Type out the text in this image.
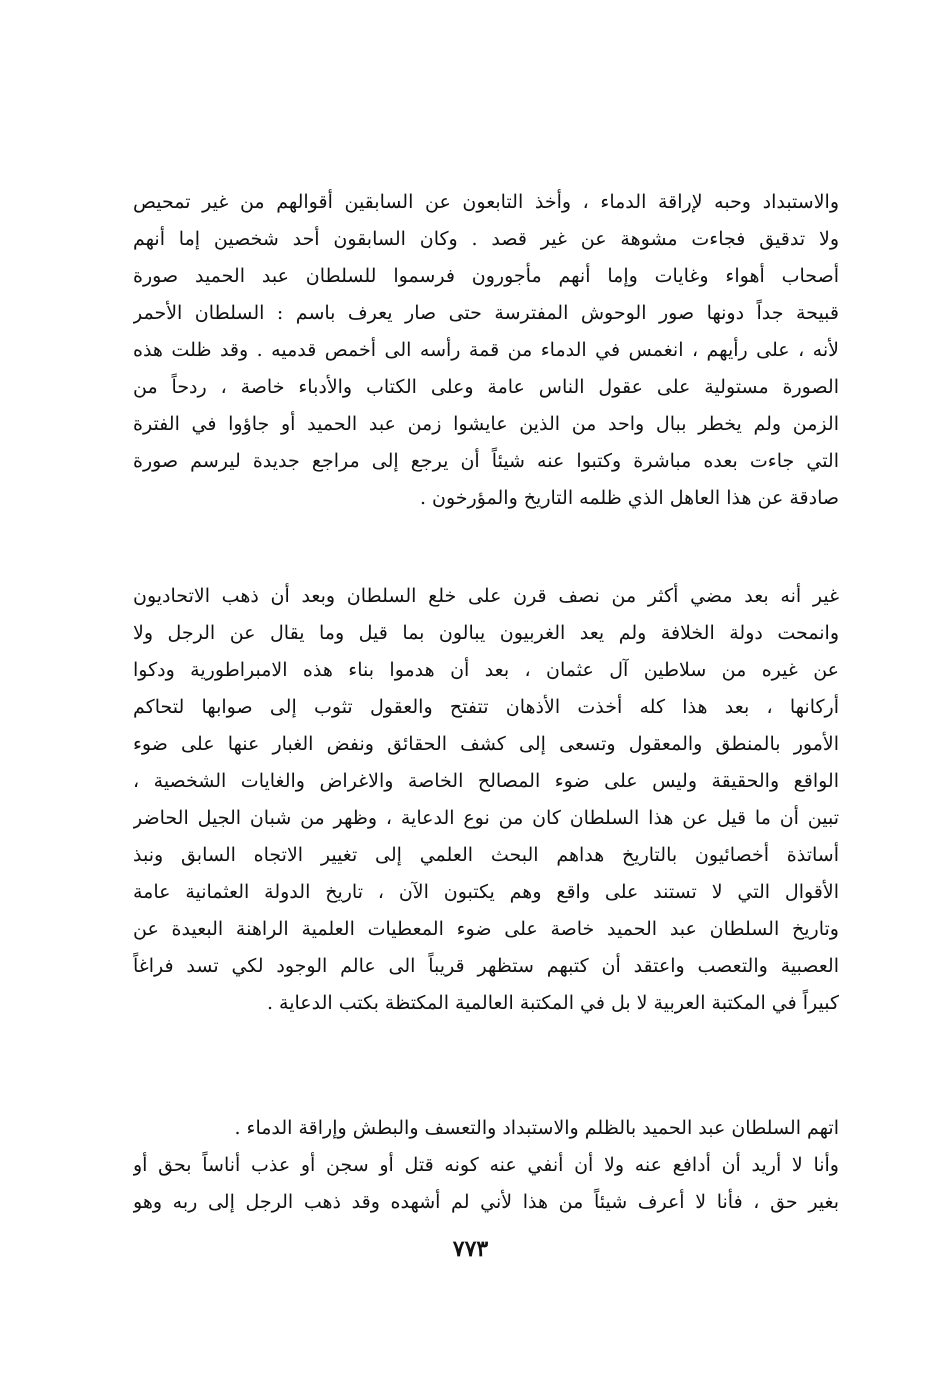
والاستبداد وحبه لإراقة الدماء ، وأخذ التابعون عن السابقين أقوالهم من غير تمحيص
ولا تدقيق فجاءت مشوهة عن غير قصد . وكان السابقون أحد شخصين إما أنهم
أصحاب أهواء وغايات وإما أنهم مأجورون فرسموا للسلطان عبد الحميد صورة
قبيحة جداً دونها صور الوحوش المفترسة حتى صار يعرف باسم : السلطان الأحمر
لأنه ، على رأيهم ، انغمس في الدماء من قمة رأسه الى أخمص قدميه . وقد ظلت هذه
الصورة مستولية على عقول الناس عامة وعلى الكتاب والأدباء خاصة ، ردحاً من
الزمن ولم يخطر ببال واحد من الذين عايشوا زمن عبد الحميد أو جاؤوا في الفترة
التي جاءت بعده مباشرة وكتبوا عنه شيئاً أن يرجع إلى مراجع جديدة ليرسم صورة
صادقة عن هذا العاهل الذي ظلمه التاريخ والمؤرخون .
غير أنه بعد مضي أكثر من نصف قرن على خلع السلطان وبعد أن ذهب الاتحاديون
وانمحت دولة الخلافة ولم يعد الغربيون يبالون بما قيل وما يقال عن الرجل ولا
عن غيره من سلاطين آل عثمان ، بعد أن هدموا بناء هذه الامبراطورية ودكوا
أركانها ، بعد هذا كله أخذت الأذهان تتفتح والعقول تثوب إلى صوابها لتحاكم
الأمور بالمنطق والمعقول وتسعى إلى كشف الحقائق ونفض الغبار عنها على ضوء
الواقع والحقيقة وليس على ضوء المصالح الخاصة والاغراض والغايات الشخصية ،
تبين أن ما قيل عن هذا السلطان كان من نوع الدعاية ، وظهر من شبان الجيل الحاضر
أساتذة أخصائيون بالتاريخ هداهم البحث العلمي إلى تغيير الاتجاه السابق ونبذ
الأقوال التي لا تستند على واقع وهم يكتبون الآن ، تاريخ الدولة العثمانية عامة
وتاريخ السلطان عبد الحميد خاصة على ضوء المعطيات العلمية الراهنة البعيدة عن
العصبية والتعصب واعتقد أن كتبهم ستظهر قريباً الى عالم الوجود لكي تسد فراغاً
كبيراً في المكتبة العربية لا بل في المكتبة العالمية المكتظة بكتب الدعاية .
اتهم السلطان عبد الحميد بالظلم والاستبداد والتعسف والبطش وإراقة الدماء .
وأنا لا أريد أن أدافع عنه ولا أن أنفي عنه كونه قتل أو سجن أو عذب أناساً بحق أو
بغير حق ، فأنا لا أعرف شيئاً من هذا لأني لم أشهده وقد ذهب الرجل إلى ربه وهو
٧٧٣
